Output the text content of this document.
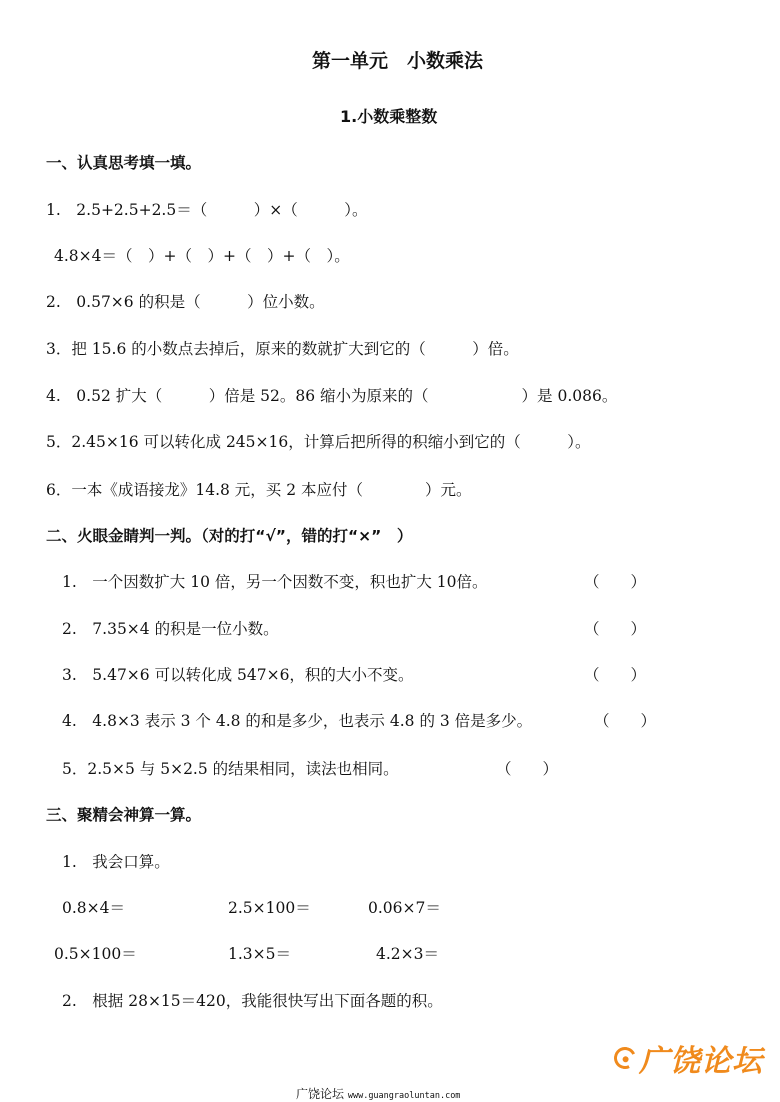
第一单元　小数乘法
1.小数乘整数
一、认真思考填一填。
1.　2.5+2.5+2.5＝（　　　）×（　　　）。
4.8×4＝（　）+（　）+（　）+（　）。
2.　0.57×6 的积是（　　　）位小数。
3．把 15.6 的小数点去掉后，原来的数就扩大到它的（　　　）倍。
4.　0.52 扩大（　　　）倍是 52。86 缩小为原来的（　　　　　　）是 0.086。
5．2.45×16 可以转化成 245×16，计算后把所得的积缩小到它的（　　　）。
6．一本《成语接龙》14.8 元，买 2 本应付（　　　　）元。
二、火眼金睛判一判。（对的打“√”，错的打“×”　）
1.　一个因数扩大 10 倍，另一个因数不变，积也扩大 10倍。	（　　）
2.　7.35×4 的积是一位小数。	（　　）
3.　5.47×6 可以转化成 547×6，积的大小不变。	（　　）
4.　4.8×3 表示 3 个 4.8 的和是多少，也表示 4.8 的 3 倍是多少。	（　　）
5．2.5×5 与 5×2.5 的结果相同，读法也相同。	（　　）
三、聚精会神算一算。
1.　我会口算。
0.8×4＝	2.5×100＝	0.06×7＝
0.5×100＝	1.3×5＝	4.2×3＝
2.　根据 28×15＝420，我能很快写出下面各题的积。
广饶论坛 www.guangraoluntan.com
广饶论坛
